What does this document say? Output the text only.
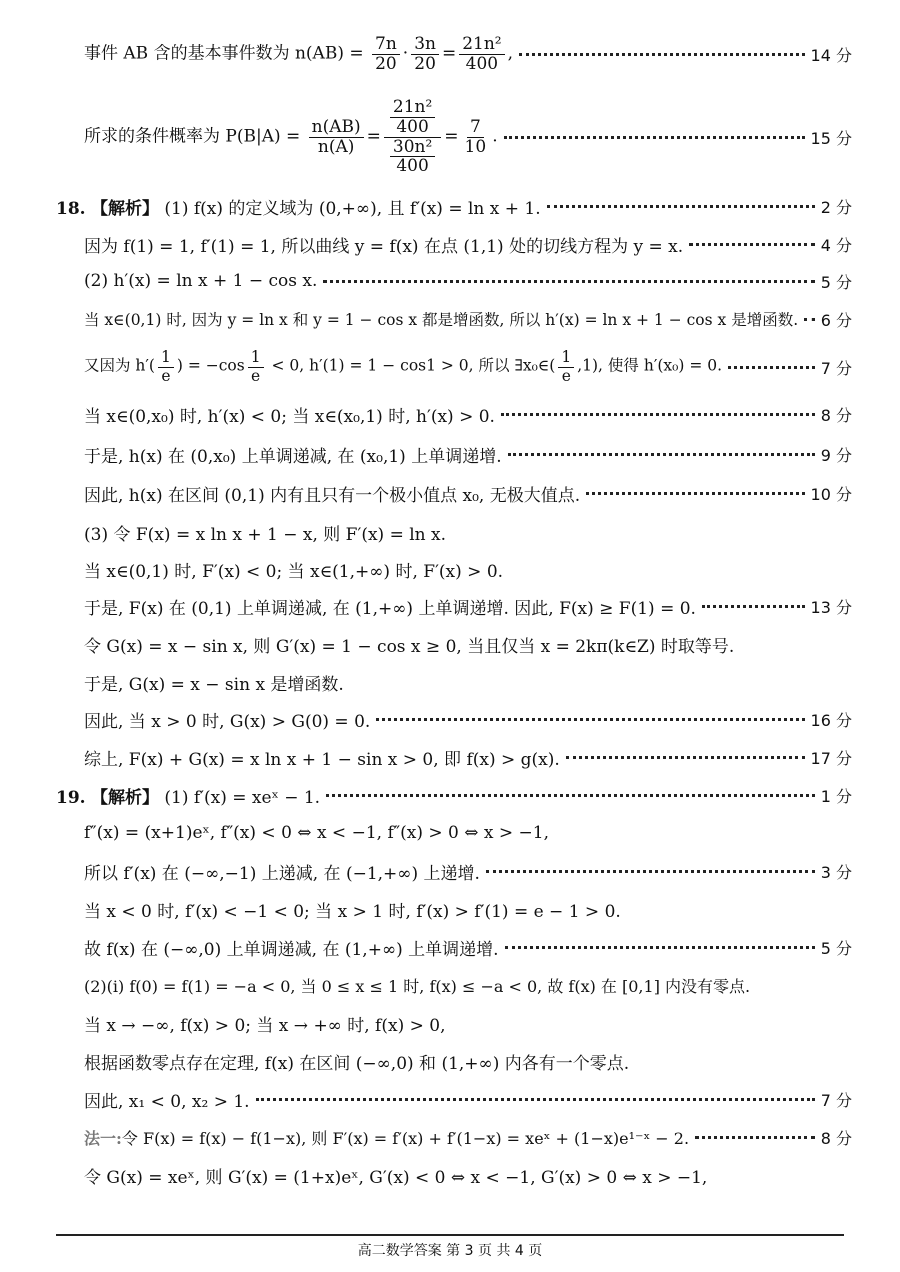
事件 AB 含的基本事件数为 $n(AB) = \frac{7n}{20} \cdot \frac{3n}{20} = \frac{\text{21n²}}{400}$ ,	14 分
所求的条件概率为 $P(B|A) = \frac{n(AB)}{n(A)} = \frac{\frac{\text{21n²}}{400}}{\frac{\text{30n²}}{400}} = \frac{7}{10}$ .	15 分
18. 【解析】 (1) f(x) 的定义域为 (0,+∞), 且 f′(x) = ln x + 1.	2 分
因为 f(1) = 1, f′(1) = 1, 所以曲线 y = f(x) 在点 (1,1) 处的切线方程为 y = x.	4 分
(2) h′(x) = ln x + 1 − cos x.	5 分
当 x∈(0,1) 时, 因为 y = ln x 和 y = 1 − cos x 都是增函数, 所以 h′(x) = ln x + 1 − cos x 是增函数. 6 分
又因为 $h'( \frac{1}{e}$ ) = $-\cos \frac{1}{e} < 0$, h′(1) = 1 − cos1 > 0, 所以 ∃x₀∈( $\frac{1}{e} ,1$), 使得 h′(x₀) = 0.	7 分
当 x∈(0,x₀) 时, h′(x) < 0; 当 x∈(x₀,1) 时, h′(x) > 0.	8 分
于是, h(x) 在 (0,x₀) 上单调递减, 在 (x₀,1) 上单调递增.	9 分
因此, h(x) 在区间 (0,1) 内有且只有一个极小值点 x₀, 无极大值点.	10 分
(3) 令 F(x) = x ln x + 1 − x, 则 F′(x) = ln x.
当 x∈(0,1) 时, F′(x) < 0; 当 x∈(1,+∞) 时, F′(x) > 0.
于是, F(x) 在 (0,1) 上单调递减, 在 (1,+∞) 上单调递增. 因此, F(x) ≥ F(1) = 0.	13 分
令 G(x) = x − sin x, 则 G′(x) = 1 − cos x ≥ 0, 当且仅当 x = 2kπ(k∈Z) 时取等号.
于是, G(x) = x − sin x 是增函数.
因此, 当 x > 0 时, G(x) > G(0) = 0.	16 分
综上, F(x) + G(x) = x ln x + 1 − sin x > 0, 即 f(x) > g(x).	17 分
19. 【解析】 (1) f′(x) = xeˣ − 1.	1 分
f″(x) = (x+1)eˣ, f″(x) < 0 ⇔ x < −1, f″(x) > 0 ⇔ x > −1,
所以 f′(x) 在 (−∞,−1) 上递减, 在 (−1,+∞) 上递增.	3 分
当 x < 0 时, f′(x) < −1 < 0; 当 x > 1 时, f′(x) > f′(1) = e − 1 > 0.
故 f(x) 在 (−∞,0) 上单调递减, 在 (1,+∞) 上单调递增.	5 分
(2)(ⅰ) f(0) = f(1) = −a < 0, 当 0 ≤ x ≤ 1 时, f(x) ≤ −a < 0, 故 f(x) 在 [0,1] 内没有零点.
当 x → −∞, f(x) > 0; 当 x → +∞ 时, f(x) > 0,
根据函数零点存在定理, f(x) 在区间 (−∞,0) 和 (1,+∞) 内各有一个零点.
因此, x₁ < 0, x₂ > 1.	7 分
法一:令 F(x) = f(x) − f(1−x), 则 F′(x) = f′(x) + f′(1−x) = xeˣ + (1−x)e¹⁻ˣ − 2.	8 分
令 G(x) = xeˣ, 则 G′(x) = (1+x)eˣ, G′(x) < 0 ⇔ x < −1, G′(x) > 0 ⇔ x > −1,
高二数学答案 第 3 页 共 4 页
